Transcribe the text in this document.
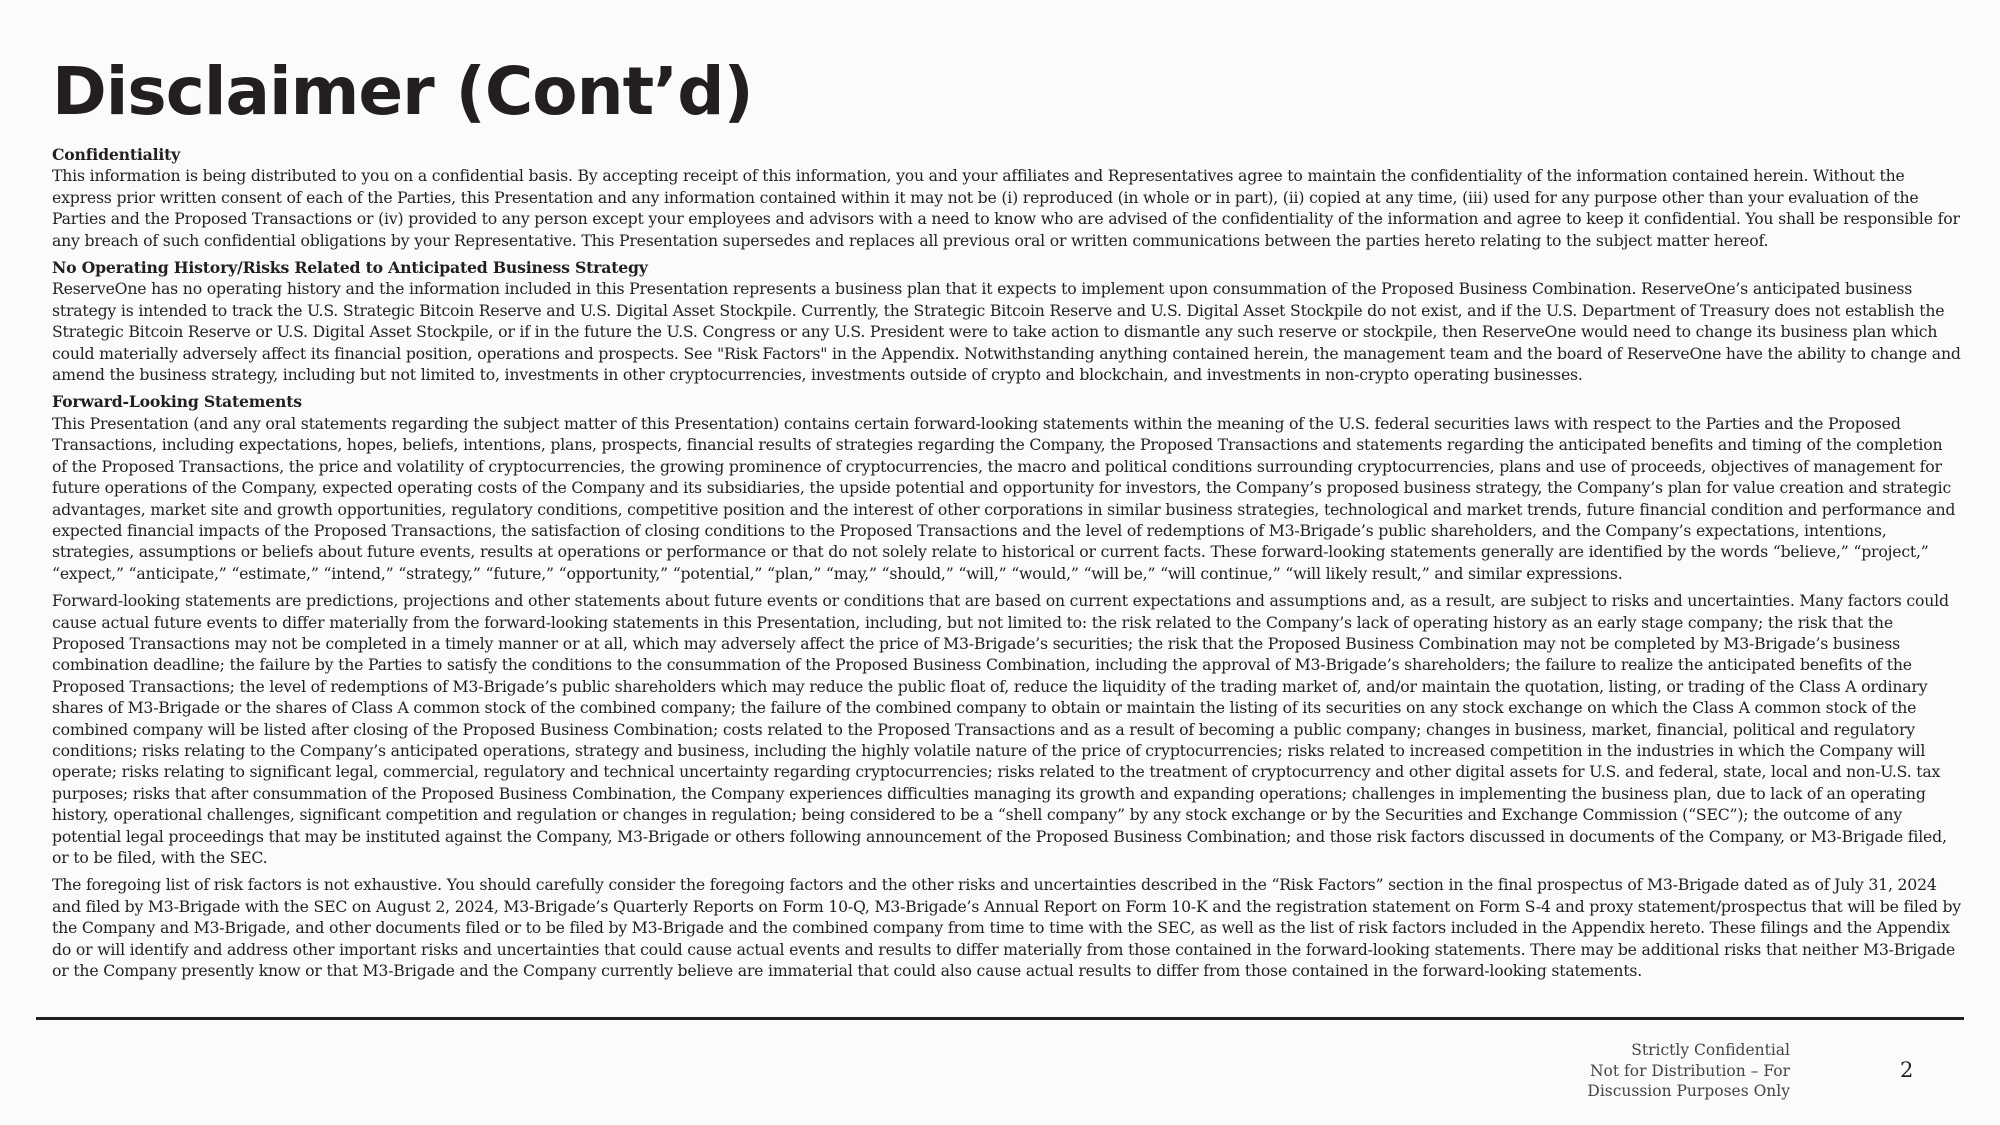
Disclaimer (Cont’d)

Confidentiality

This information is being distributed to you on a confidential basis. By accepting receipt of this information, you and your affiliates and Representatives agree to maintain the confidentiality of the information contained herein. Without the express prior written consent of each of the Parties, this Presentation and any information contained within it may not be (i) reproduced (in whole or in part), (ii) copied at any time, (iii) used for any purpose other than your evaluation of the Parties and the Proposed Transactions or (iv) provided to any person except your employees and advisors with a need to know who are advised of the confidentiality of the information and agree to keep it confidential. You shall be responsible for any breach of such confidential obligations by your Representative. This Presentation supersedes and replaces all previous oral or written communications between the parties hereto relating to the subject matter hereof.

No Operating History/Risks Related to Anticipated Business Strategy

ReserveOne has no operating history and the information included in this Presentation represents a business plan that it expects to implement upon consummation of the Proposed Business Combination. ReserveOne’s anticipated business strategy is intended to track the U.S. Strategic Bitcoin Reserve and U.S. Digital Asset Stockpile. Currently, the Strategic Bitcoin Reserve and U.S. Digital Asset Stockpile do not exist, and if the U.S. Department of Treasury does not establish the Strategic Bitcoin Reserve or U.S. Digital Asset Stockpile, or if in the future the U.S. Congress or any U.S. President were to take action to dismantle any such reserve or stockpile, then ReserveOne would need to change its business plan which could materially adversely affect its financial position, operations and prospects. See "Risk Factors" in the Appendix. Notwithstanding anything contained herein, the management team and the board of ReserveOne have the ability to change and amend the business strategy, including but not limited to, investments in other cryptocurrencies, investments outside of crypto and blockchain, and investments in non-crypto operating businesses.

Forward-Looking Statements

This Presentation (and any oral statements regarding the subject matter of this Presentation) contains certain forward-looking statements within the meaning of the U.S. federal securities laws with respect to the Parties and the Proposed Transactions, including expectations, hopes, beliefs, intentions, plans, prospects, financial results of strategies regarding the Company, the Proposed Transactions and statements regarding the anticipated benefits and timing of the completion of the Proposed Transactions, the price and volatility of cryptocurrencies, the growing prominence of cryptocurrencies, the macro and political conditions surrounding cryptocurrencies, plans and use of proceeds, objectives of management for future operations of the Company, expected operating costs of the Company and its subsidiaries, the upside potential and opportunity for investors, the Company’s proposed business strategy, the Company’s plan for value creation and strategic advantages, market site and growth opportunities, regulatory conditions, competitive position and the interest of other corporations in similar business strategies, technological and market trends, future financial condition and performance and expected financial impacts of the Proposed Transactions, the satisfaction of closing conditions to the Proposed Transactions and the level of redemptions of M3-Brigade’s public shareholders, and the Company’s expectations, intentions, strategies, assumptions or beliefs about future events, results at operations or performance or that do not solely relate to historical or current facts. These forward-looking statements generally are identified by the words “believe,” “project,” “expect,” “anticipate,” “estimate,” “intend,” “strategy,” “future,” “opportunity,” “potential,” “plan,” “may,” “should,” “will,” “would,” “will be,” “will continue,” “will likely result,” and similar expressions.

Forward-looking statements are predictions, projections and other statements about future events or conditions that are based on current expectations and assumptions and, as a result, are subject to risks and uncertainties. Many factors could cause actual future events to differ materially from the forward-looking statements in this Presentation, including, but not limited to: the risk related to the Company’s lack of operating history as an early stage company; the risk that the Proposed Transactions may not be completed in a timely manner or at all, which may adversely affect the price of M3-Brigade’s securities; the risk that the Proposed Business Combination may not be completed by M3-Brigade’s business combination deadline; the failure by the Parties to satisfy the conditions to the consummation of the Proposed Business Combination, including the approval of M3-Brigade’s shareholders; the failure to realize the anticipated benefits of the Proposed Transactions; the level of redemptions of M3-Brigade’s public shareholders which may reduce the public float of, reduce the liquidity of the trading market of, and/or maintain the quotation, listing, or trading of the Class A ordinary shares of M3-Brigade or the shares of Class A common stock of the combined company; the failure of the combined company to obtain or maintain the listing of its securities on any stock exchange on which the Class A common stock of the combined company will be listed after closing of the Proposed Business Combination; costs related to the Proposed Transactions and as a result of becoming a public company; changes in business, market, financial, political and regulatory conditions; risks relating to the Company’s anticipated operations, strategy and business, including the highly volatile nature of the price of cryptocurrencies; risks related to increased competition in the industries in which the Company will operate; risks relating to significant legal, commercial, regulatory and technical uncertainty regarding cryptocurrencies; risks related to the treatment of cryptocurrency and other digital assets for U.S. and federal, state, local and non-U.S. tax purposes; risks that after consummation of the Proposed Business Combination, the Company experiences difficulties managing its growth and expanding operations; challenges in implementing the business plan, due to lack of an operating history, operational challenges, significant competition and regulation or changes in regulation; being considered to be a “shell company” by any stock exchange or by the Securities and Exchange Commission (“SEC”); the outcome of any potential legal proceedings that may be instituted against the Company, M3-Brigade or others following announcement of the Proposed Business Combination; and those risk factors discussed in documents of the Company, or M3-Brigade filed, or to be filed, with the SEC.

The foregoing list of risk factors is not exhaustive. You should carefully consider the foregoing factors and the other risks and uncertainties described in the “Risk Factors” section in the final prospectus of M3-Brigade dated as of July 31, 2024 and filed by M3-Brigade with the SEC on August 2, 2024, M3-Brigade’s Quarterly Reports on Form 10-Q, M3-Brigade’s Annual Report on Form 10-K and the registration statement on Form S-4 and proxy statement/prospectus that will be filed by the Company and M3-Brigade, and other documents filed or to be filed by M3-Brigade and the combined company from time to time with the SEC, as well as the list of risk factors included in the Appendix hereto. These filings and the Appendix do or will identify and address other important risks and uncertainties that could cause actual events and results to differ materially from those contained in the forward-looking statements. There may be additional risks that neither M3-Brigade or the Company presently know or that M3-Brigade and the Company currently believe are immaterial that could also cause actual results to differ from those contained in the forward-looking statements.

Strictly Confidential
Not for Distribution – For
Discussion Purposes Only
2
